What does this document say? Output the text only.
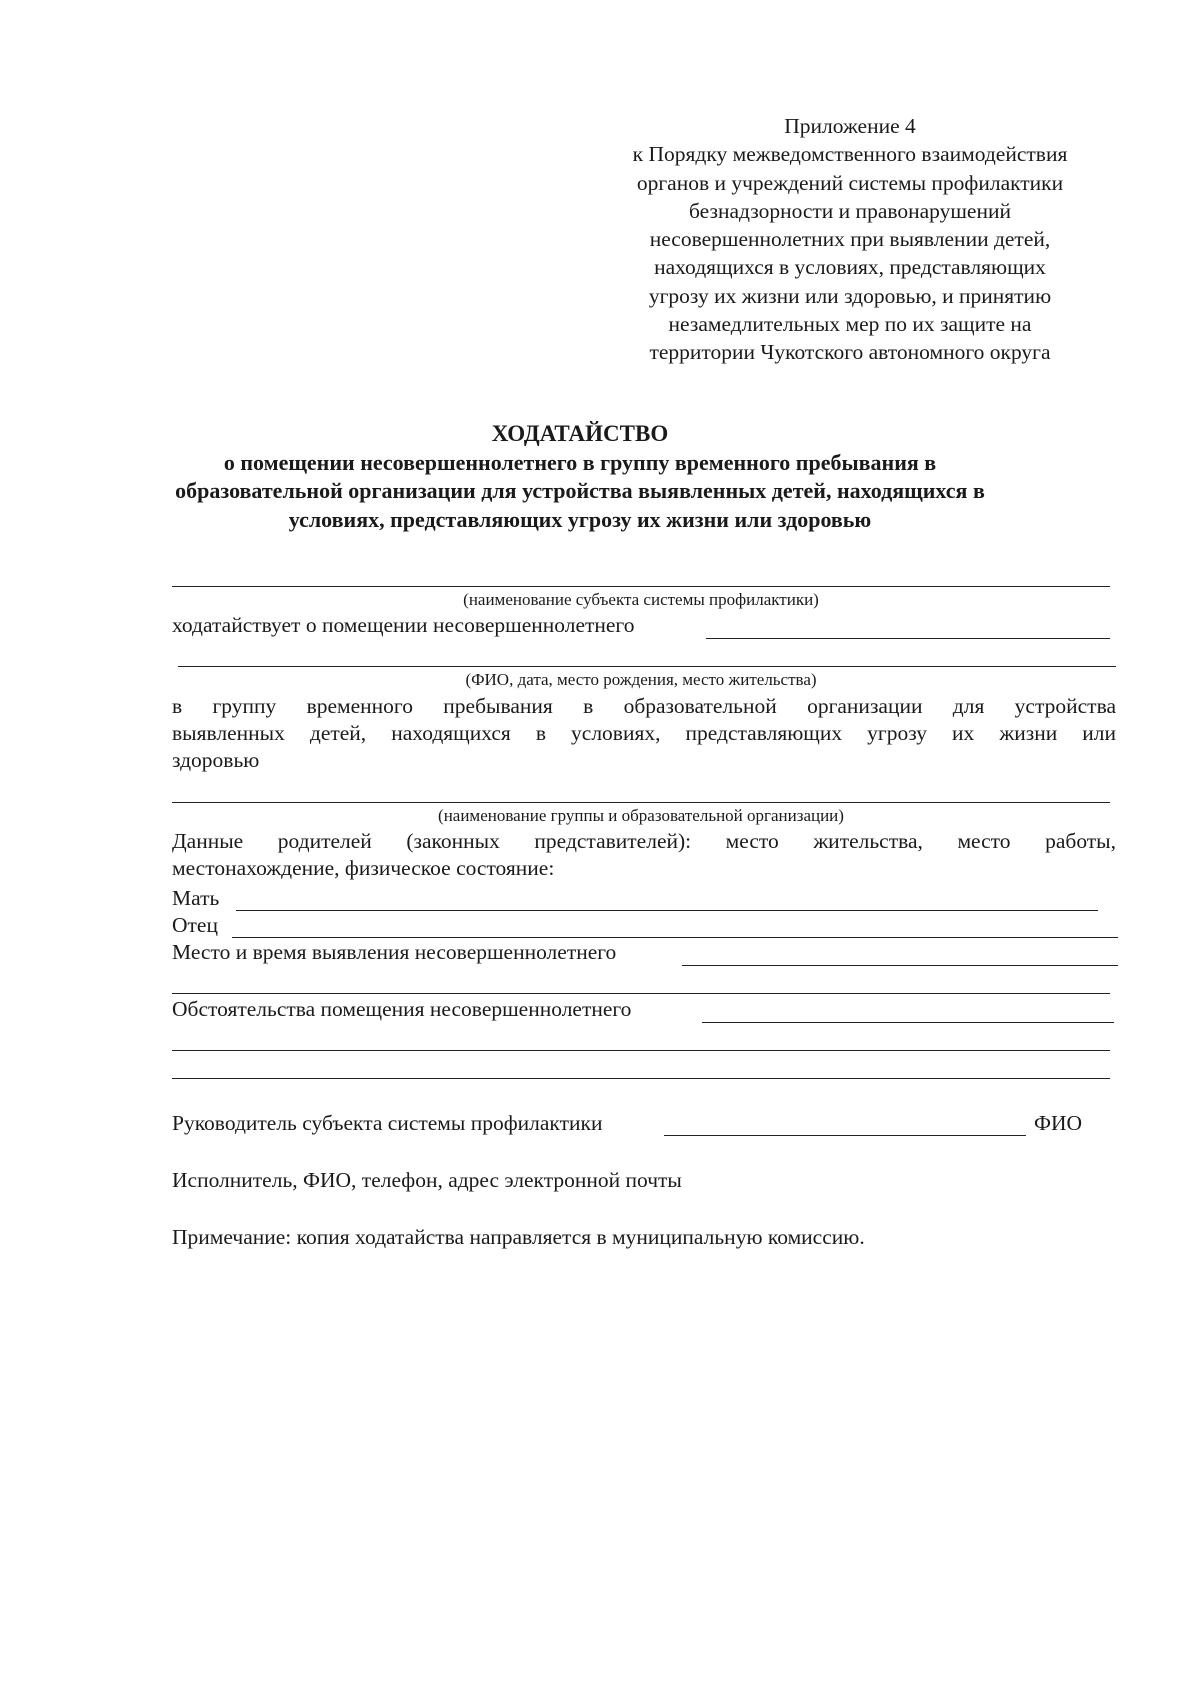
Приложение 4
к Порядку межведомственного взаимодействия
органов и учреждений системы профилактики
безнадзорности и правонарушений
несовершеннолетних при выявлении детей,
находящихся в условиях, представляющих
угрозу их жизни или здоровью, и принятию
незамедлительных мер по их защите на
территории Чукотского автономного округа
ХОДАТАЙСТВО
о помещении несовершеннолетнего в группу временного пребывания в
образовательной организации для устройства выявленных детей, находящихся в
условиях, представляющих угрозу их жизни или здоровью
(наименование субъекта системы профилактики)
ходатайствует о помещении несовершеннолетнего
(ФИО, дата, место рождения, место жительства)
в группу временного пребывания в образовательной организации для устройства
выявленных детей, находящихся в условиях, представляющих угрозу их жизни или
здоровью
(наименование группы и образовательной организации)
Данные родителей (законных представителей): место жительства, место работы,
местонахождение, физическое состояние:
Мать
Отец
Место и время выявления несовершеннолетнего
Обстоятельства помещения несовершеннолетнего
Руководитель субъекта системы профилактики	ФИО
Исполнитель, ФИО, телефон, адрес электронной почты
Примечание: копия ходатайства направляется в муниципальную комиссию.
